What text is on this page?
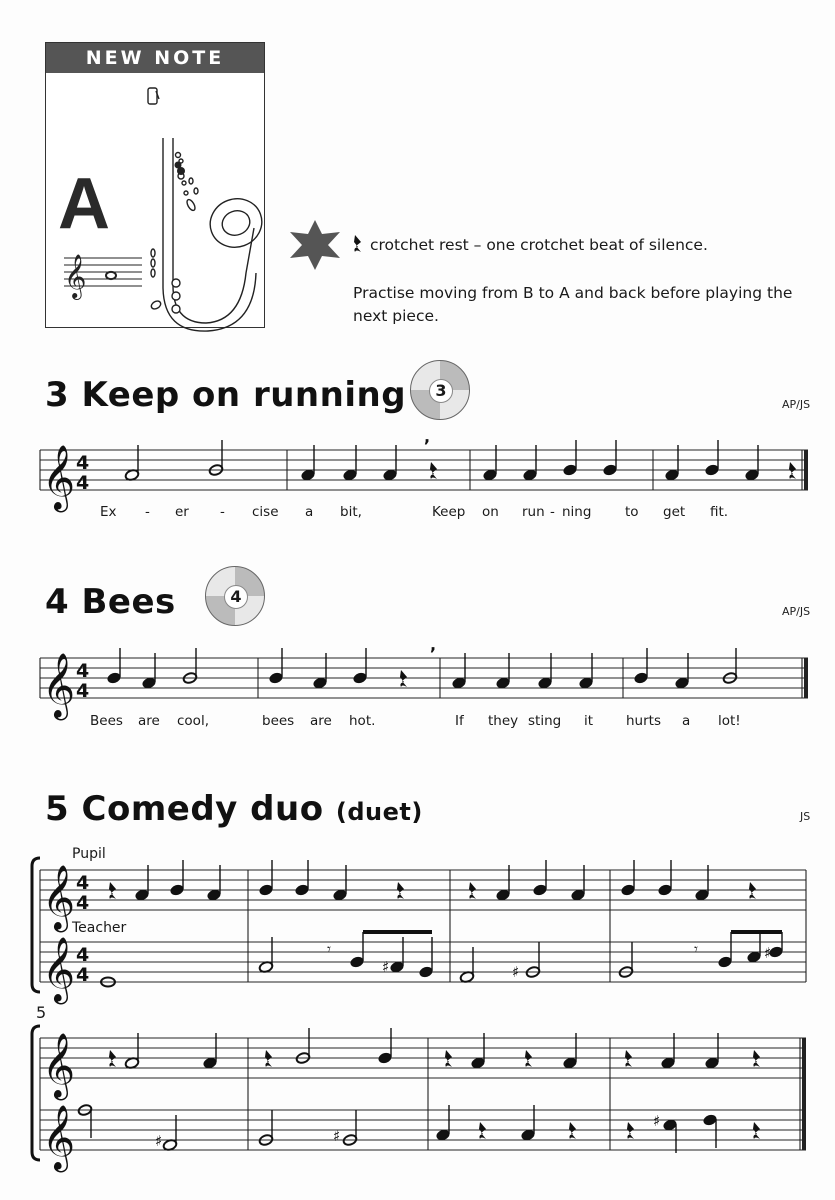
NEW NOTE
A
𝄞
crotchet rest – one crotchet beat of silence.
Practise moving from B to A and back before playing the
next piece.
3 Keep on running	3
AP/JS
𝄞 4
4
,
Ex - er - cise a bit,	Keep on run - ning to get fit.
4 Bees	4
AP/JS
𝄞 4
4
,
Bees are cool,	bees are hot.	If they sting it hurts a lot!
5 Comedy duo (duet)	JS
Pupil
Teacher
𝄞
𝄞
4
4
4
4	♯	♯
♯
𝄾	𝄾
5
𝄞
𝄞	♯	♯
♯
